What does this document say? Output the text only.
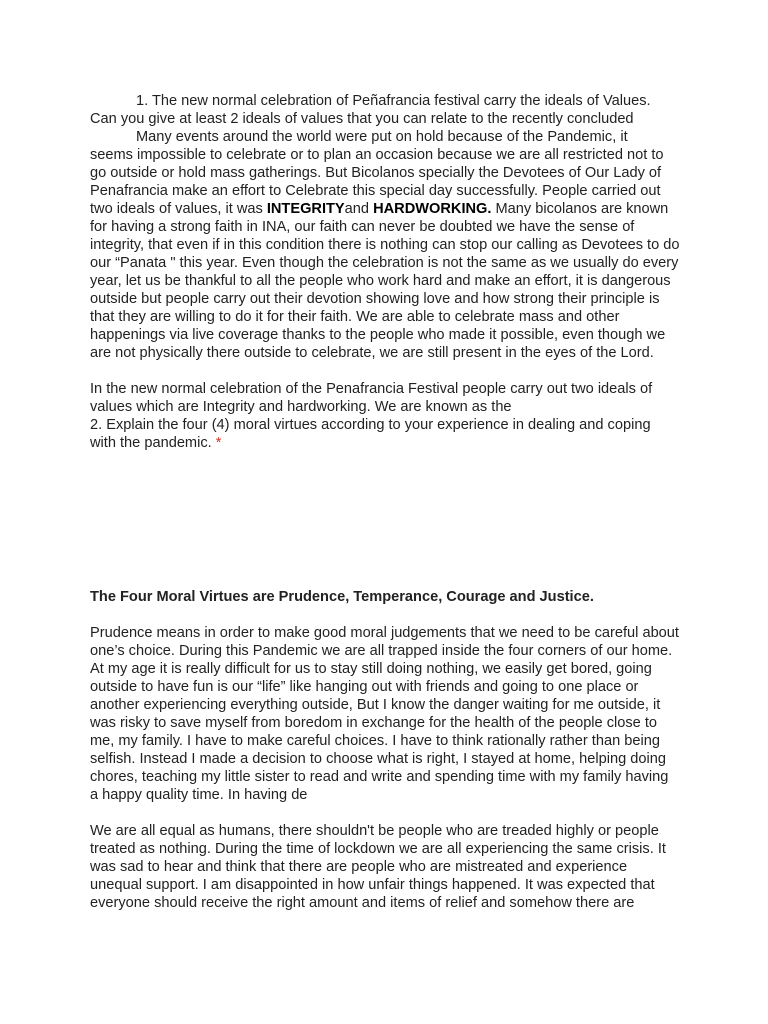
1. The new normal celebration of Peñafrancia festival carry the ideals of Values.

Can you give at least 2 ideals of values that you can relate to the recently concluded

Many events around the world were put on hold because of the Pandemic, it

seems impossible to celebrate or to plan an occasion because we are all restricted not to go outside or hold mass gatherings. But Bicolanos specially the Devotees of Our Lady of Penafrancia make an effort to Celebrate this special day successfully. People carried out two ideals of values, it was INTEGRITYand HARDWORKING. Many bicolanos are known for having a strong faith in INA, our faith can never be doubted we have the sense of integrity, that even if in this condition there is nothing can stop our calling as Devotees to do our “Panata " this year. Even though the celebration is not the same as we usually do every year, let us be thankful to all the people who work hard and make an effort, it is dangerous outside but people carry out their devotion showing love and how strong their principle is that they are willing to do it for their faith. We are able to celebrate mass and other happenings via live coverage thanks to the people who made it possible, even though we are not physically there outside to celebrate, we are still present in the eyes of the Lord.

In the new normal celebration of the Penafrancia Festival people carry out two ideals of values which are Integrity and hardworking. We are known as the

2. Explain the four (4) moral virtues according to your experience in dealing and coping with the pandemic. *

The Four Moral Virtues are Prudence, Temperance, Courage and Justice.

Prudence means in order to make good moral judgements that we need to be careful about one’s choice. During this Pandemic we are all trapped inside the four corners of our home. At my age it is really difficult for us to stay still doing nothing, we easily get bored, going outside to have fun is our “life” like hanging out with friends and going to one place or another experiencing everything outside, But I know the danger waiting for me outside, it was risky to save myself from boredom in exchange for the health of the people close to me, my family. I have to make careful choices. I have to think rationally rather than being selfish. Instead I made a decision to choose what is right, I stayed at home, helping doing chores, teaching my little sister to read and write and spending time with my family having a happy quality time. In having de

We are all equal as humans, there shouldn't be people who are treaded highly or people treated as nothing. During the time of lockdown we are all experiencing the same crisis. It was sad to hear and think that there are people who are mistreated and experience unequal support. I am disappointed in how unfair things happened. It was expected that everyone should receive the right amount and items of relief and somehow there are
